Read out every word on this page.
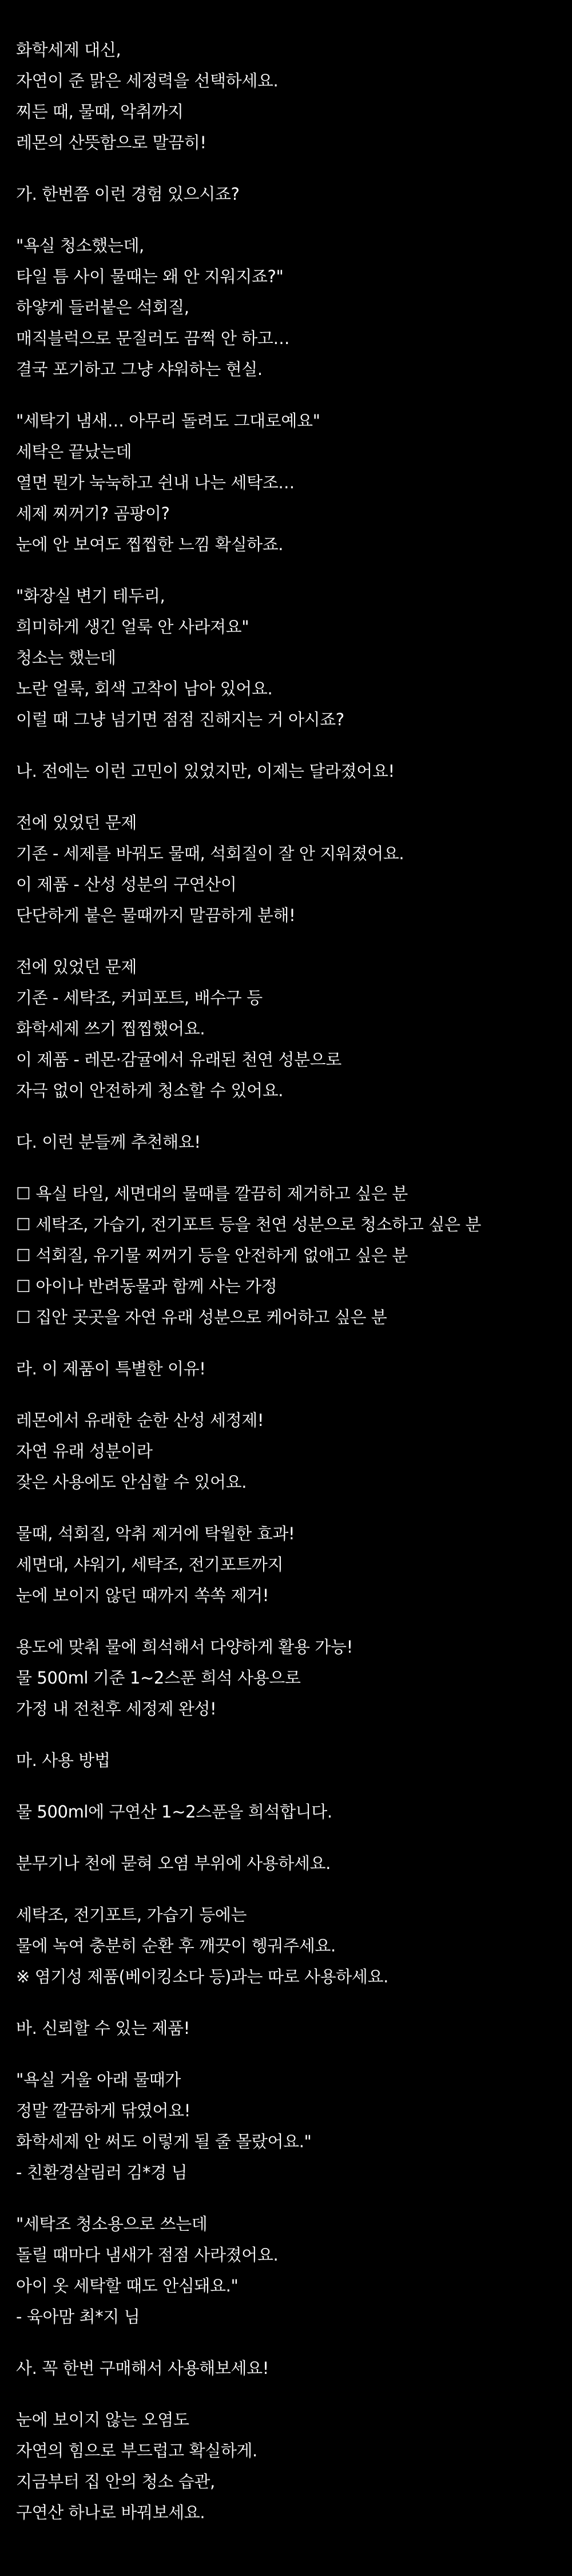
화학세제 대신,
자연이 준 맑은 세정력을 선택하세요.
찌든 때, 물때, 악취까지
레몬의 산뜻함으로 말끔히!
가. 한번쯤 이런 경험 있으시죠?
"욕실 청소했는데,
타일 틈 사이 물때는 왜 안 지워지죠?"
하얗게 들러붙은 석회질,
매직블럭으로 문질러도 끔쩍 안 하고…
결국 포기하고 그냥 샤워하는 현실.
"세탁기 냄새… 아무리 돌려도 그대로예요"
세탁은 끝났는데
열면 뭔가 눅눅하고 쉰내 나는 세탁조…
세제 찌꺼기? 곰팡이?
눈에 안 보여도 찝찝한 느낌 확실하죠.
"화장실 변기 테두리,
희미하게 생긴 얼룩 안 사라져요"
청소는 했는데
노란 얼룩, 회색 고착이 남아 있어요.
이럴 때 그냥 넘기면 점점 진해지는 거 아시죠?
나. 전에는 이런 고민이 있었지만, 이제는 달라졌어요!
전에 있었던 문제
기존 - 세제를 바꿔도 물때, 석회질이 잘 안 지워졌어요.
이 제품 - 산성 성분의 구연산이
단단하게 붙은 물때까지 말끔하게 분해!
전에 있었던 문제
기존 - 세탁조, 커피포트, 배수구 등
화학세제 쓰기 찝찝했어요.
이 제품 - 레몬·감귤에서 유래된 천연 성분으로
자극 없이 안전하게 청소할 수 있어요.
다. 이런 분들께 추천해요!
☐ 욕실 타일, 세면대의 물때를 깔끔히 제거하고 싶은 분
☐ 세탁조, 가습기, 전기포트 등을 천연 성분으로 청소하고 싶은 분
☐ 석회질, 유기물 찌꺼기 등을 안전하게 없애고 싶은 분
☐ 아이나 반려동물과 함께 사는 가정
☐ 집안 곳곳을 자연 유래 성분으로 케어하고 싶은 분
라. 이 제품이 특별한 이유!
레몬에서 유래한 순한 산성 세정제!
자연 유래 성분이라
잦은 사용에도 안심할 수 있어요.
물때, 석회질, 악취 제거에 탁월한 효과!
세면대, 샤워기, 세탁조, 전기포트까지
눈에 보이지 않던 때까지 쏙쏙 제거!
용도에 맞춰 물에 희석해서 다양하게 활용 가능!
물 500ml 기준 1~2스푼 희석 사용으로
가정 내 전천후 세정제 완성!
마. 사용 방법
물 500ml에 구연산 1~2스푼을 희석합니다.
분무기나 천에 묻혀 오염 부위에 사용하세요.
세탁조, 전기포트, 가습기 등에는
물에 녹여 충분히 순환 후 깨끗이 헹궈주세요.
※ 염기성 제품(베이킹소다 등)과는 따로 사용하세요.
바. 신뢰할 수 있는 제품!
"욕실 거울 아래 물때가
정말 깔끔하게 닦였어요!
화학세제 안 써도 이렇게 될 줄 몰랐어요."
- 친환경살림러 김*경 님
"세탁조 청소용으로 쓰는데
돌릴 때마다 냄새가 점점 사라졌어요.
아이 옷 세탁할 때도 안심돼요."
- 육아맘 최*지 님
사. 꼭 한번 구매해서 사용해보세요!
눈에 보이지 않는 오염도
자연의 힘으로 부드럽고 확실하게.
지금부터 집 안의 청소 습관,
구연산 하나로 바꿔보세요.
